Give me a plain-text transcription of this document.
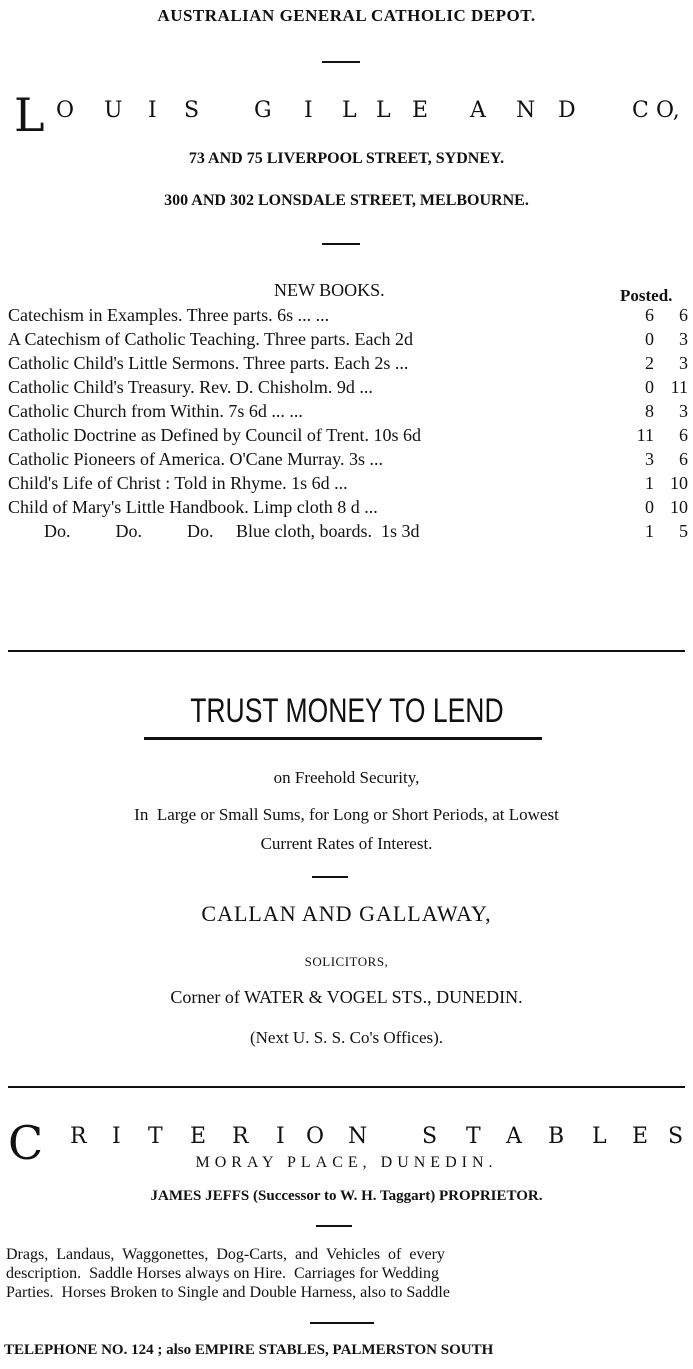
AUSTRALIAN GENERAL CATHOLIC DEPOT.
L O U I S G I L L E A N D	C O,
73 AND 75 LIVERPOOL STREET, SYDNEY.
300 AND 302 LONSDALE STREET, MELBOURNE.
NEW BOOKS.	Posted.
Catechism in Examples. Three parts. 6s ... ...	6	6
A Catechism of Catholic Teaching. Three parts. Each 2d	0	3
Catholic Child's Little Sermons. Three parts. Each 2s ...	2	3
Catholic Child's Treasury. Rev. D. Chisholm. 9d ...	0	11
Catholic Church from Within. 7s 6d ... ...	8	3
Catholic Doctrine as Defined by Council of Trent. 10s 6d	11	6
Catholic Pioneers of America. O'Cane Murray. 3s ...	3	6
Child's Life of Christ : Told in Rhyme. 1s 6d ...	1	10
Child of Mary's Little Handbook. Limp cloth 8 d ...	0	10
Do.          Do.          Do.     Blue cloth, boards.  1s 3d	1	5
TRUST MONEY TO LEND
on Freehold Security,
In  Large or Small Sums, for Long or Short Periods, at Lowest
Current Rates of Interest.
CALLAN AND GALLAWAY,
SOLICITORS,
Corner of WATER & VOGEL STS., DUNEDIN.
(Next U. S. S. Co's Offices).
C R I T E R I O N S T A B L E S
MORAY PLACE, DUNEDIN.
JAMES JEFFS (Successor to W. H. Taggart) PROPRIETOR.
Drags,  Landaus,  Waggonettes,  Dog-Carts,  and  Vehicles  of  every
description.  Saddle Horses always on Hire.  Carriages for Wedding
Parties.  Horses Broken to Single and Double Harness, also to Saddle
TELEPHONE NO. 124 ; also EMPIRE STABLES, PALMERSTON SOUTH
